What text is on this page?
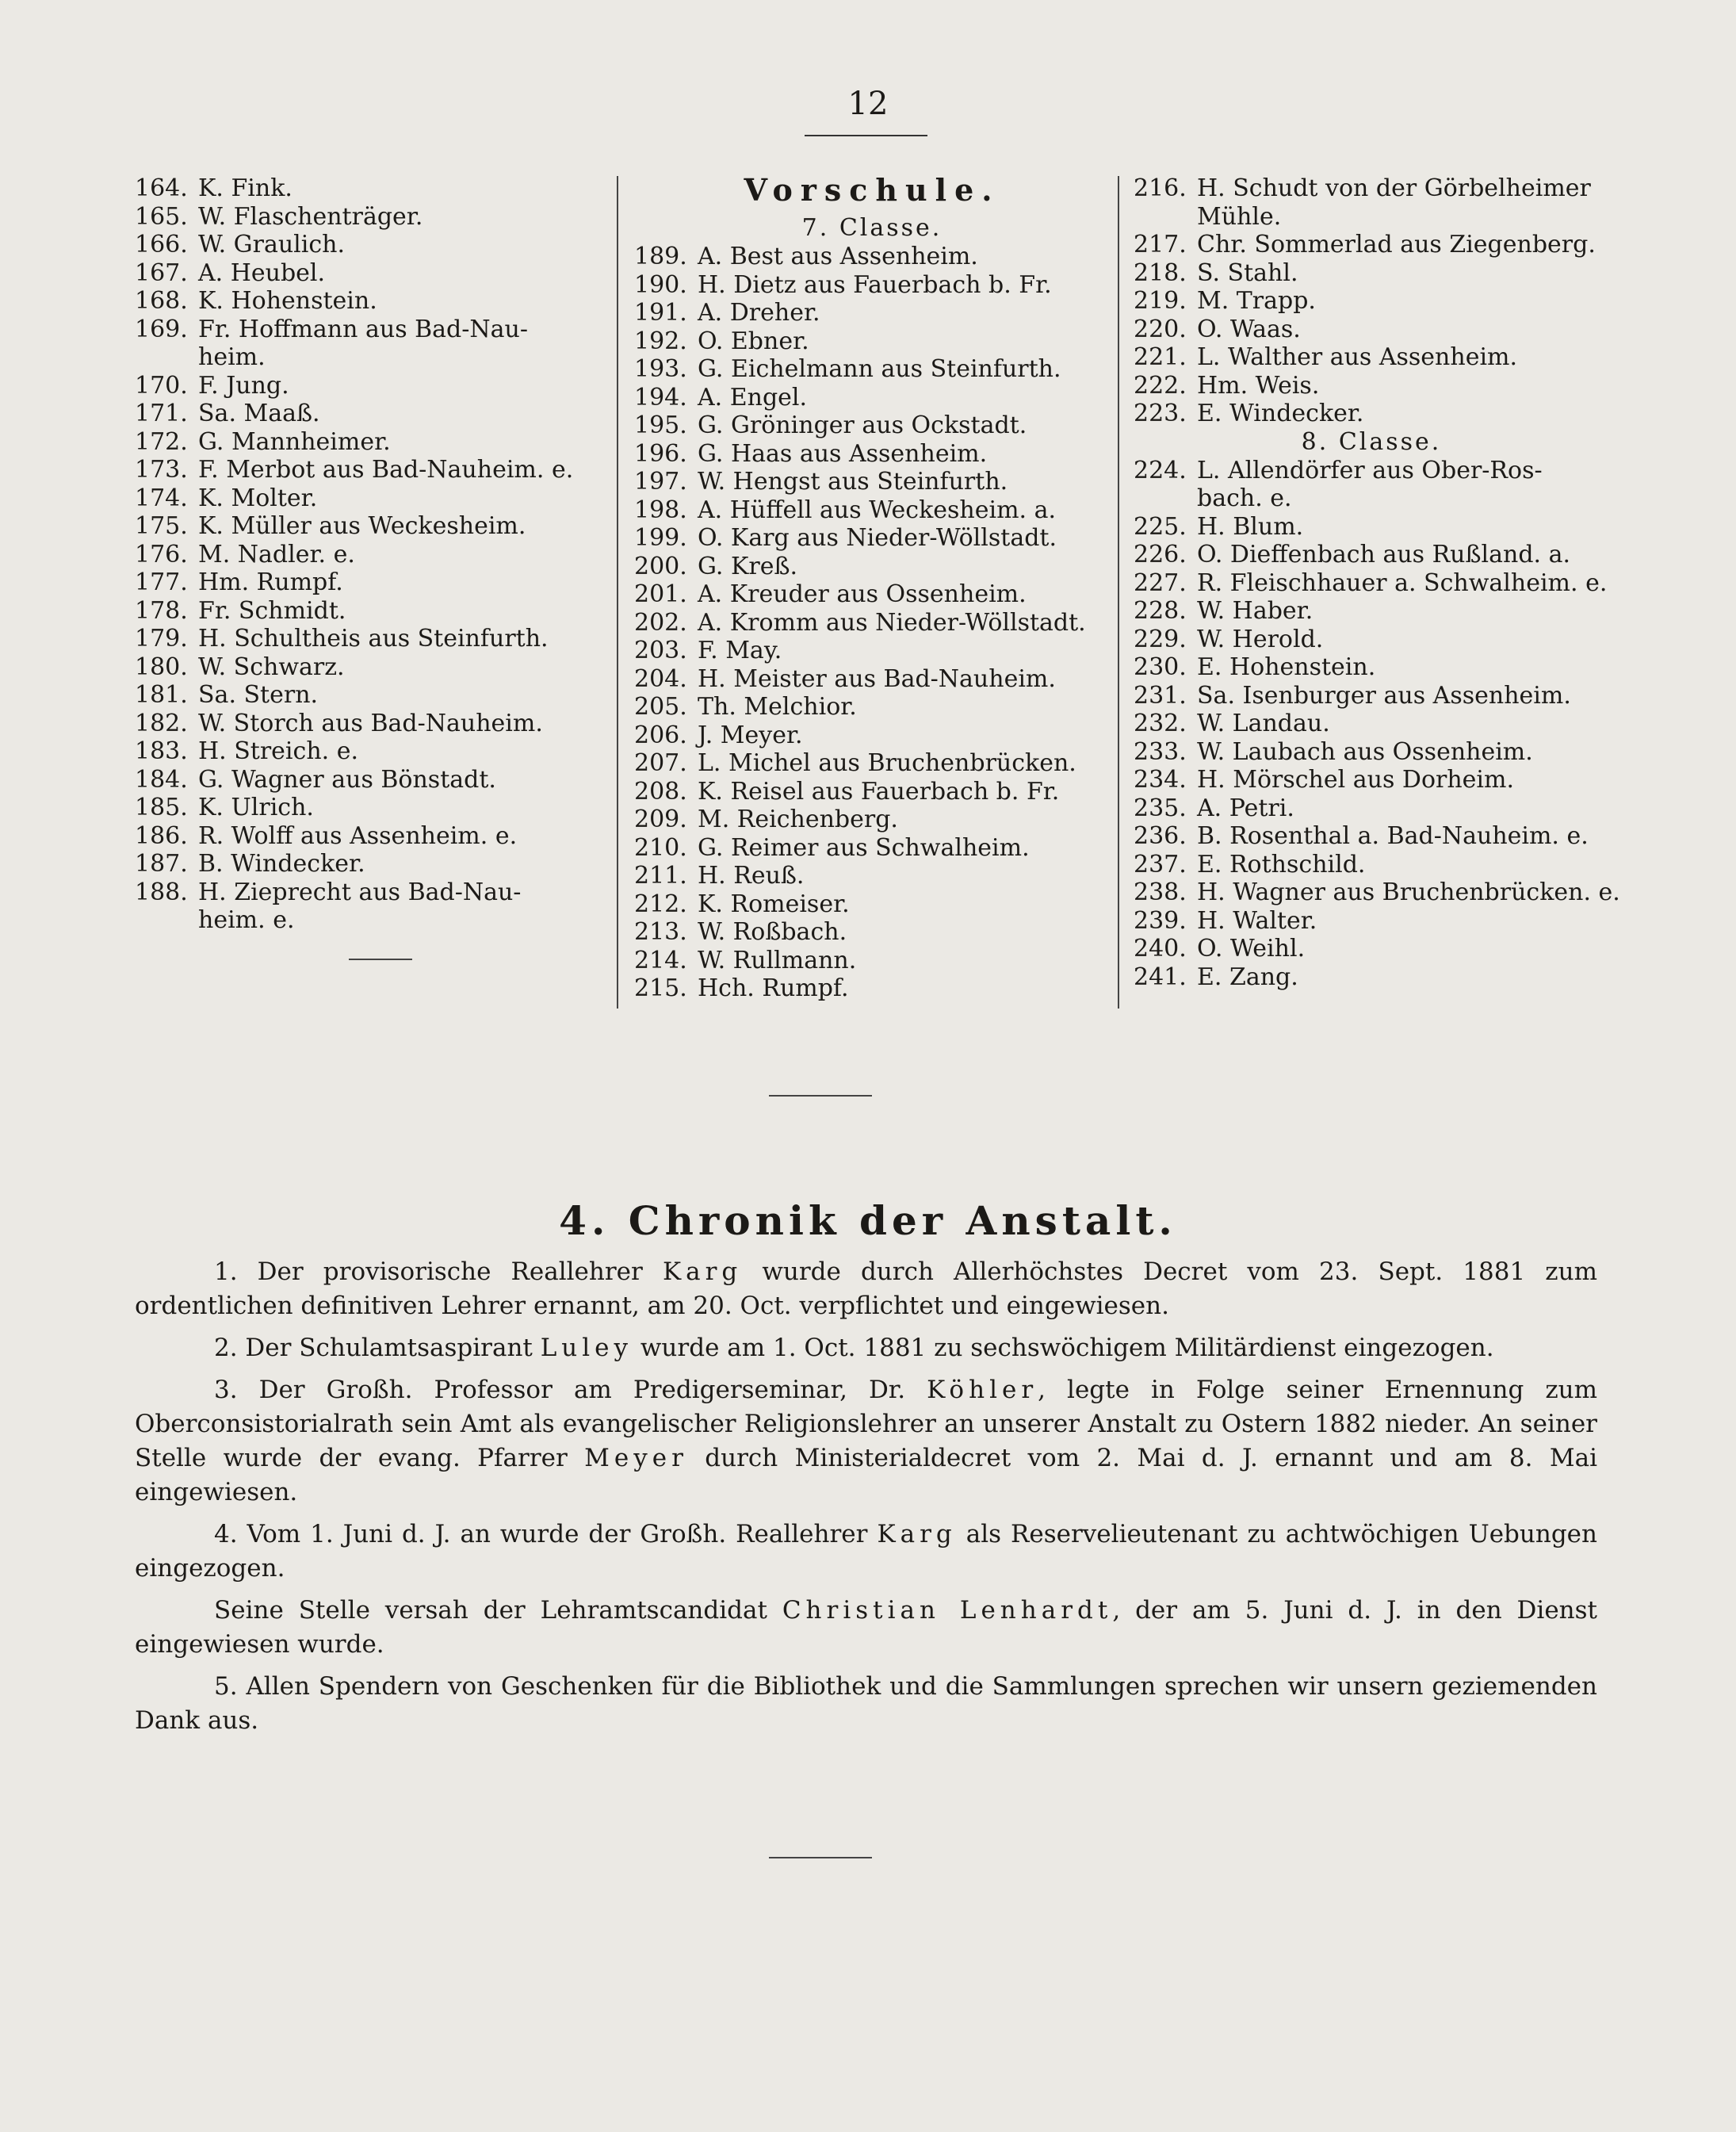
12
164. K. Fink.
165. W. Flaschenträger.
166. W. Graulich.
167. A. Heubel.
168. K. Hohenstein.
169. Fr. Hoffmann aus Bad-Nau-
heim.
170. F. Jung.
171. Sa. Maaß.
172. G. Mannheimer.
173. F. Merbot aus Bad-Nauheim. e.
174. K. Molter.
175. K. Müller aus Weckesheim.
176. M. Nadler. e.
177. Hm. Rumpf.
178. Fr. Schmidt.
179. H. Schultheis aus Steinfurth.
180. W. Schwarz.
181. Sa. Stern.
182. W. Storch aus Bad-Nauheim.
183. H. Streich. e.
184. G. Wagner aus Bönstadt.
185. K. Ulrich.
186. R. Wolff aus Assenheim. e.
187. B. Windecker.
188. H. Zieprecht aus Bad-Nau-
heim. e.
Vorschule.
7. Classe.
189. A. Best aus Assenheim.
190. H. Dietz aus Fauerbach b. Fr.
191. A. Dreher.
192. O. Ebner.
193. G. Eichelmann aus Steinfurth.
194. A. Engel.
195. G. Gröninger aus Ockstadt.
196. G. Haas aus Assenheim.
197. W. Hengst aus Steinfurth.
198. A. Hüffell aus Weckesheim. a.
199. O. Karg aus Nieder-Wöllstadt.
200. G. Kreß.
201. A. Kreuder aus Ossenheim.
202. A. Kromm aus Nieder-Wöllstadt.
203. F. May.
204. H. Meister aus Bad-Nauheim.
205. Th. Melchior.
206. J. Meyer.
207. L. Michel aus Bruchenbrücken.
208. K. Reisel aus Fauerbach b. Fr.
209. M. Reichenberg.
210. G. Reimer aus Schwalheim.
211. H. Reuß.
212. K. Romeiser.
213. W. Roßbach.
214. W. Rullmann.
215. Hch. Rumpf.
216. H. Schudt von der Görbelheimer
Mühle.
217. Chr. Sommerlad aus Ziegenberg.
218. S. Stahl.
219. M. Trapp.
220. O. Waas.
221. L. Walther aus Assenheim.
222. Hm. Weis.
223. E. Windecker.
8. Classe.
224. L. Allendörfer aus Ober-Ros-
bach. e.
225. H. Blum.
226. O. Dieffenbach aus Rußland. a.
227. R. Fleischhauer a. Schwalheim. e.
228. W. Haber.
229. W. Herold.
230. E. Hohenstein.
231. Sa. Isenburger aus Assenheim.
232. W. Landau.
233. W. Laubach aus Ossenheim.
234. H. Mörschel aus Dorheim.
235. A. Petri.
236. B. Rosenthal a. Bad-Nauheim. e.
237. E. Rothschild.
238. H. Wagner aus Bruchenbrücken. e.
239. H. Walter.
240. O. Weihl.
241. E. Zang.
4. Chronik der Anstalt.

1. Der provisorische Reallehrer Karg wurde durch Allerhöchstes Decret vom 23. Sept. 1881 zum ordentlichen definitiven Lehrer ernannt, am 20. Oct. verpflichtet und eingewiesen.

2. Der Schulamtsaspirant Luley wurde am 1. Oct. 1881 zu sechswöchigem Militärdienst eingezogen.

3. Der Großh. Professor am Predigerseminar, Dr. Köhler, legte in Folge seiner Ernennung zum Oberconsistorialrath sein Amt als evangelischer Religionslehrer an unserer Anstalt zu Ostern 1882 nieder. An seiner Stelle wurde der evang. Pfarrer Meyer durch Ministerialdecret vom 2. Mai d. J. ernannt und am 8. Mai eingewiesen.

4. Vom 1. Juni d. J. an wurde der Großh. Reallehrer Karg als Reservelieutenant zu achtwöchigen Uebungen eingezogen.

Seine Stelle versah der Lehramtscandidat Christian Lenhardt, der am 5. Juni d. J. in den Dienst eingewiesen wurde.

5. Allen Spendern von Geschenken für die Bibliothek und die Sammlungen sprechen wir unsern geziemenden Dank aus.
